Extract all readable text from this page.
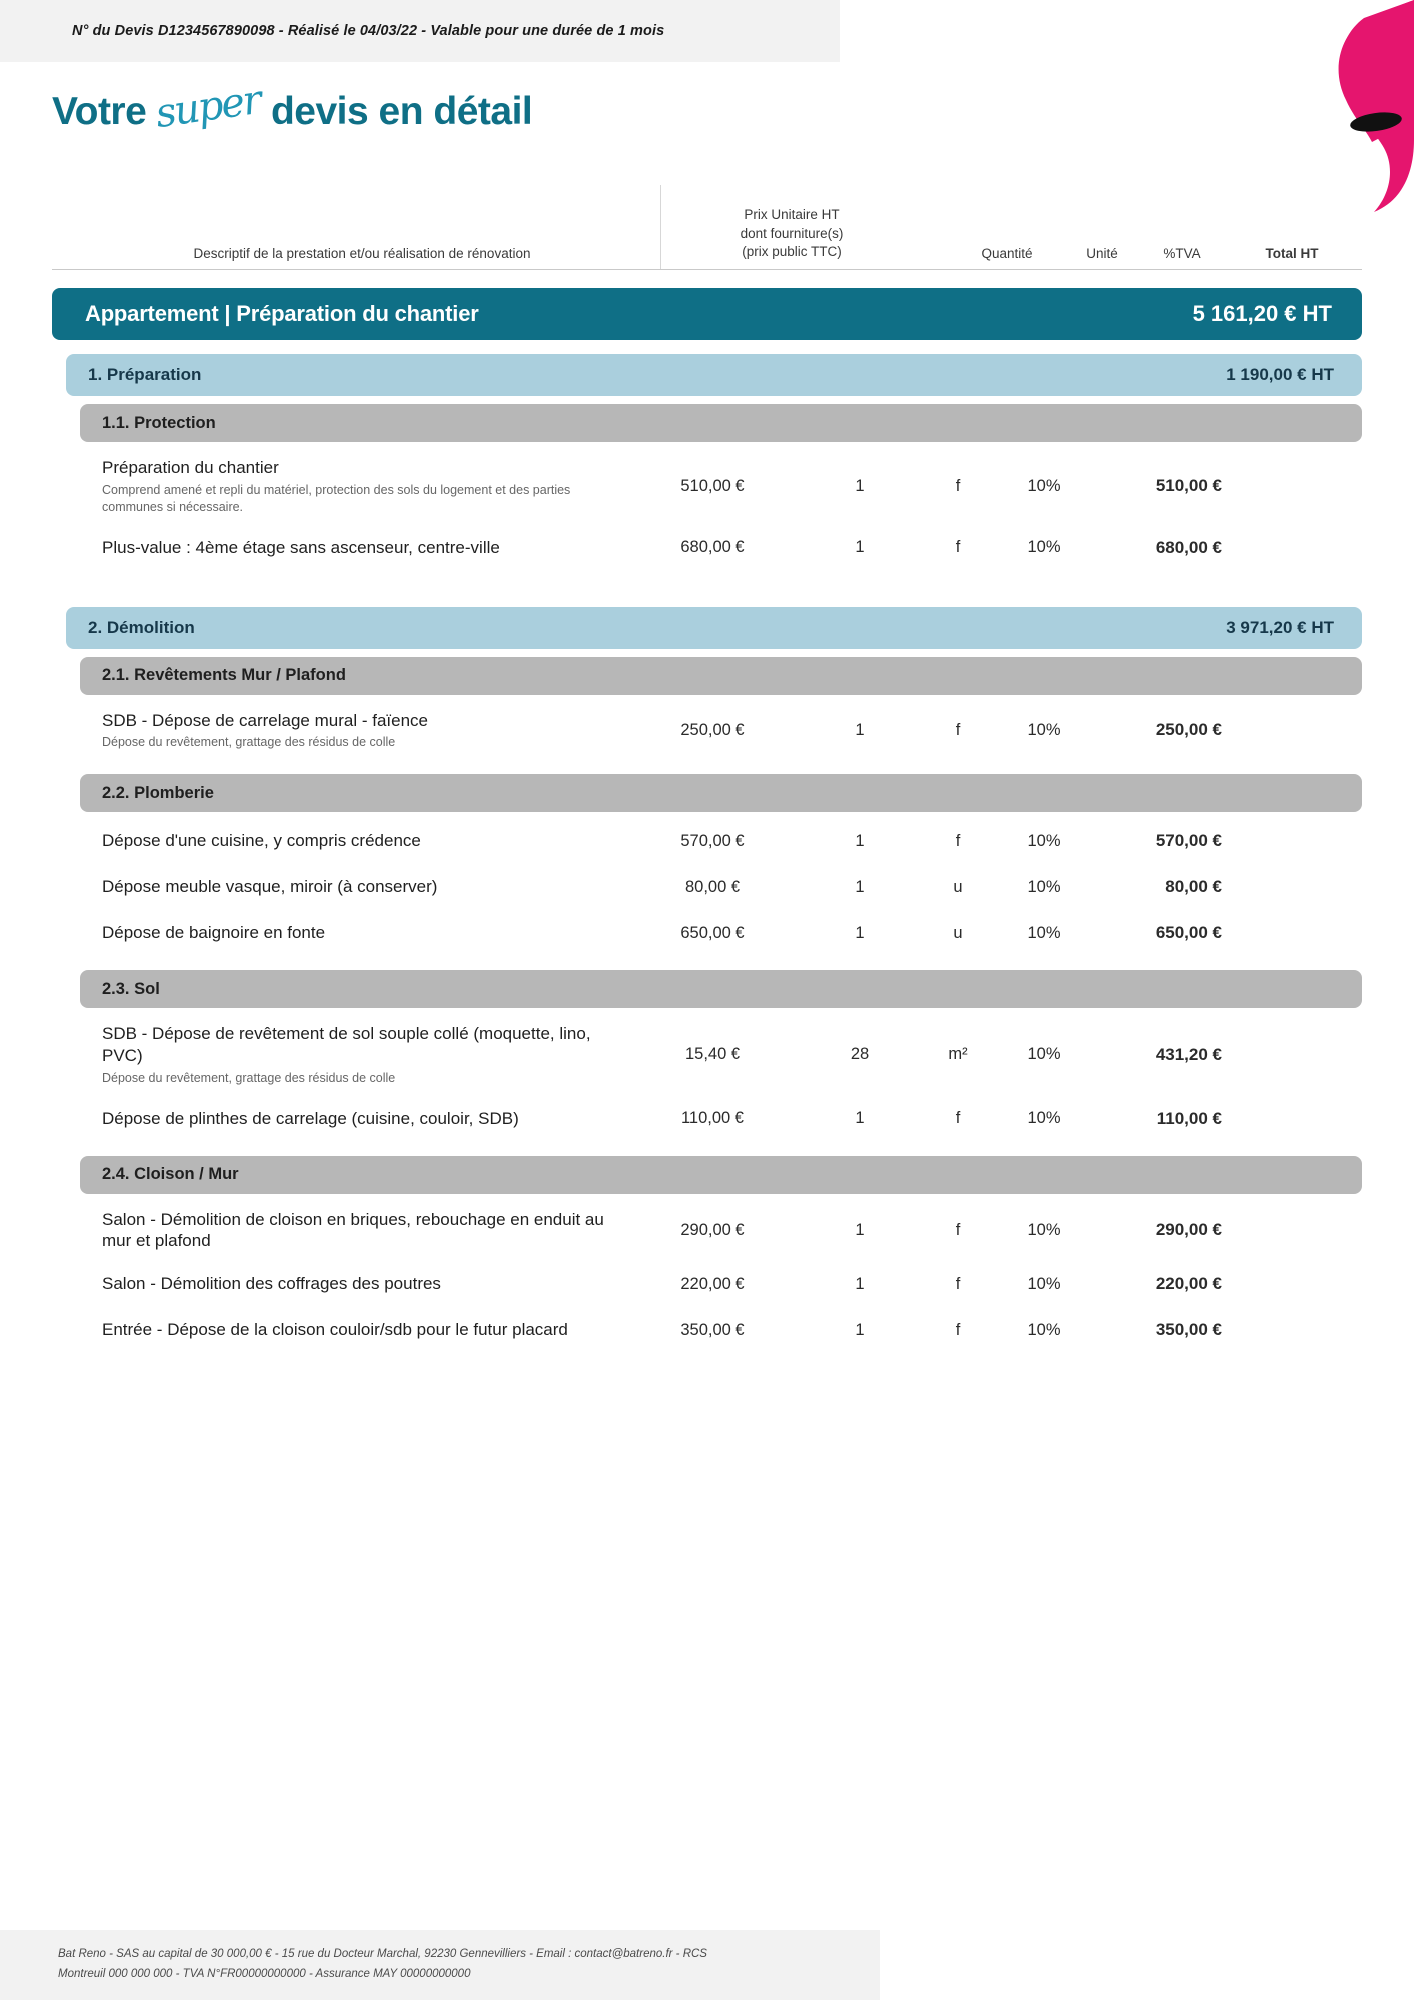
N° du Devis D1234567890098 - Réalisé le 04/03/22 - Valable pour une durée de 1 mois
Votre super devis en détail
Descriptif de la prestation et/ou réalisation de rénovation
Prix Unitaire HT
dont fourniture(s)
(prix public TTC)	Quantité	Unité	%TVA	Total HT
Appartement | Préparation du chantier	5 161,20 € HT
1. Préparation	1 190,00 € HT
1.1. Protection
Préparation du chantier
Comprend amené et repli du matériel, protection des sols du logement et des parties communes si nécessaire.
510,00 €	1	f	10%	510,00 €
Plus-value : 4ème étage sans ascenseur, centre-ville	680,00 €	1	f	10%	680,00 €
2. Démolition	3 971,20 € HT
2.1. Revêtements Mur / Plafond
SDB - Dépose de carrelage mural - faïence
Dépose du revêtement, grattage des résidus de colle
250,00 €	1	f	10%	250,00 €
2.2. Plomberie
Dépose d'une cuisine, y compris crédence	570,00 €	1	f	10%	570,00 €
Dépose meuble vasque, miroir (à conserver)	80,00 €	1	u	10%	80,00 €
Dépose de baignoire en fonte	650,00 €	1	u	10%	650,00 €
2.3. Sol
SDB - Dépose de revêtement de sol souple collé (moquette, lino, PVC)
Dépose du revêtement, grattage des résidus de colle
15,40 €	28	m²	10%	431,20 €
Dépose de plinthes de carrelage (cuisine, couloir, SDB)	110,00 €	1	f	10%	110,00 €
2.4. Cloison / Mur
Salon - Démolition de cloison en briques, rebouchage en enduit au mur et plafond
290,00 €	1	f	10%	290,00 €
Salon - Démolition des coffrages des poutres	220,00 €	1	f	10%	220,00 €
Entrée - Dépose de la cloison couloir/sdb pour le futur placard	350,00 €	1	f	10%	350,00 €
Bat Reno - SAS au capital de 30 000,00 € - 15 rue du Docteur Marchal, 92230 Gennevilliers - Email : contact@batreno.fr - RCS
Montreuil 000 000 000 - TVA N°FR00000000000 - Assurance MAY 00000000000
